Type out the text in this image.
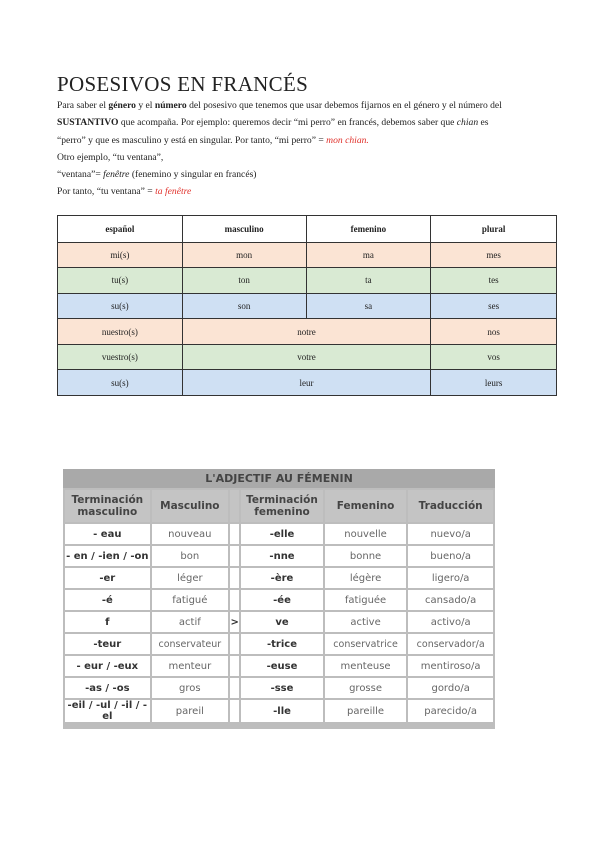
POSESIVOS EN FRANCÉS

Para saber el género y el número del posesivo que tenemos que usar debemos fijarnos en el género y el número del

SUSTANTIVO que acompaña. Por ejemplo: queremos decir “mi perro” en francés, debemos saber que chian es

“perro” y que es masculino y está en singular. Por tanto, “mi perro” = mon chian.

Otro ejemplo, “tu ventana”,

“ventana”= fenêtre (fenemino y singular en francés)

Por tanto, “tu ventana” = ta fenêtre

español	masculino	femenino	plural
mi(s)	mon	ma	mes
tu(s)	ton	ta	tes
su(s)	son	sa	ses
nuestro(s)	notre		nos
vuestro(s)	votre		vos
su(s)	leur		leurs
L'ADJECTIF AU FÉMENIN
Terminación masculino	Masculino		Terminación femenino	Femenino	Traducción
- eau	nouveau		-elle	nouvelle	nuevo/a
- en / -ien / -on	bon		-nne	bonne	bueno/a
-er	léger		-ère	légère	ligero/a
-é	fatigué		-ée	fatiguée	cansado/a
f	actif	>	ve	active	activo/a
-teur	conservateur		-trice	conservatrice	conservador/a
- eur / -eux	menteur		-euse	menteuse	mentiroso/a
-as / -os	gros		-sse	grosse	gordo/a
-eil / -ul / -il / -el	pareil		-lle	pareille	parecido/a
